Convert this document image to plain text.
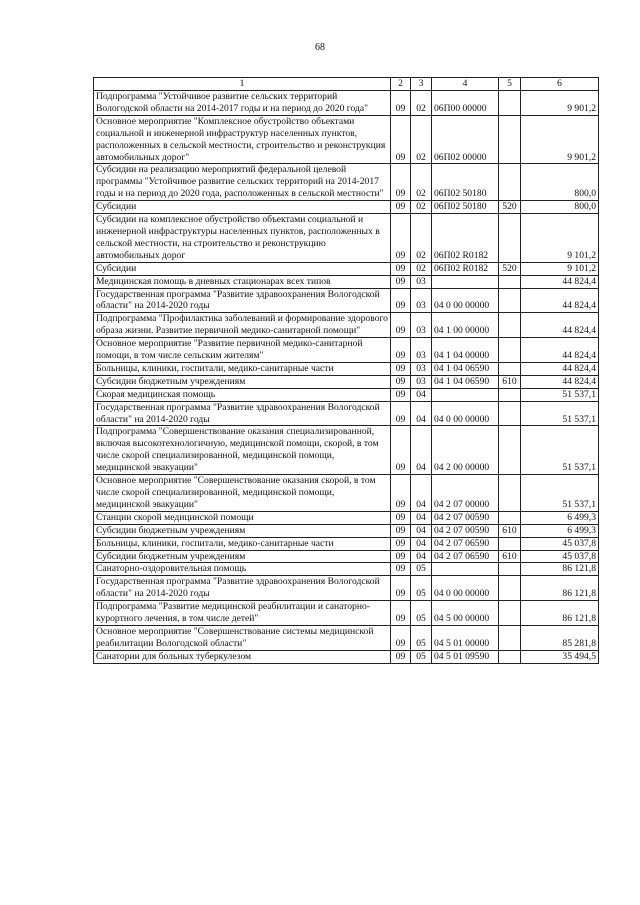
68
1	2	3	4	5	6
Подпрограмма "Устойчивое развитие сельских территорий Вологодской области на 2014-2017 годы и на период до 2020 года"	09	02	06П00 00000		9 901,2
Основное мероприятие "Комплексное обустройство объектами социальной и инженерной инфраструктур населенных пунктов, расположенных в сельской местности, строительство и реконструкция автомобильных дорог"	09	02	06П02 00000		9 901,2
Субсидии на реализацию мероприятий федеральной целевой программы "Устойчивое развитие сельских территорий на 2014-2017 годы и на период до 2020 года, расположенных в сельской местности"	09	02	06П02 50180		800,0
Субсидии	09	02	06П02 50180	520	800,0
Субсидии на комплексное обустройство объектами социальной и инженерной инфраструктуры населенных пунктов, расположенных в сельской местности, на строительство и реконструкцию автомобильных дорог	09	02	06П02 R0182		9 101,2
Субсидии	09	02	06П02 R0182	520	9 101,2
Медицинская помощь в дневных стационарах всех типов	09	03			44 824,4
Государственная программа "Развитие здравоохранения Вологодской области" на 2014-2020 годы	09	03	04 0 00 00000		44 824,4
Подпрограмма "Профилактика заболеваний и формирование здорового образа жизни. Развитие первичной медико-санитарной помощи"	09	03	04 1 00 00000		44 824,4
Основное мероприятие "Развитие первичной медико-санитарной помощи, в том числе сельским жителям"	09	03	04 1 04 00000		44 824,4
Больницы, клиники, госпитали, медико-санитарные части	09	03	04 1 04 06590		44 824,4
Субсидии бюджетным учреждениям	09	03	04 1 04 06590	610	44 824,4
Скорая медицинская помощь	09	04			51 537,1
Государственная программа "Развитие здравоохранения Вологодской области" на 2014-2020 годы	09	04	04 0 00 00000		51 537,1
Подпрограмма "Совершенствование оказания специализированной, включая высокотехнологичную, медицинской помощи, скорой, в том числе скорой специализированной, медицинской помощи, медицинской эвакуации"	09	04	04 2 00 00000		51 537,1
Основное мероприятие "Совершенствование оказания скорой, в том числе скорой специализированной, медицинской помощи, медицинской эвакуации"	09	04	04 2 07 00000		51 537,1
Станции скорой медицинской помощи	09	04	04 2 07 00590		6 499,3
Субсидии бюджетным учреждениям	09	04	04 2 07 00590	610	6 499,3
Больницы, клиники, госпитали, медико-санитарные части	09	04	04 2 07 06590		45 037,8
Субсидии бюджетным учреждениям	09	04	04 2 07 06590	610	45 037,8
Санаторно-оздоровительная помощь	09	05			86 121,8
Государственная программа "Развитие здравоохранения Вологодской области" на 2014-2020 годы	09	05	04 0 00 00000		86 121,8
Подпрограмма "Развитие медицинской реабилитации и санаторно-курортного лечения, в том числе детей"	09	05	04 5 00 00000		86 121,8
Основное мероприятие "Совершенствование системы медицинской реабилитации Вологодской области"	09	05	04 5 01 00000		85 281,8
Санатории для больных туберкулезом	09	05	04 5 01 09590		35 494,5
